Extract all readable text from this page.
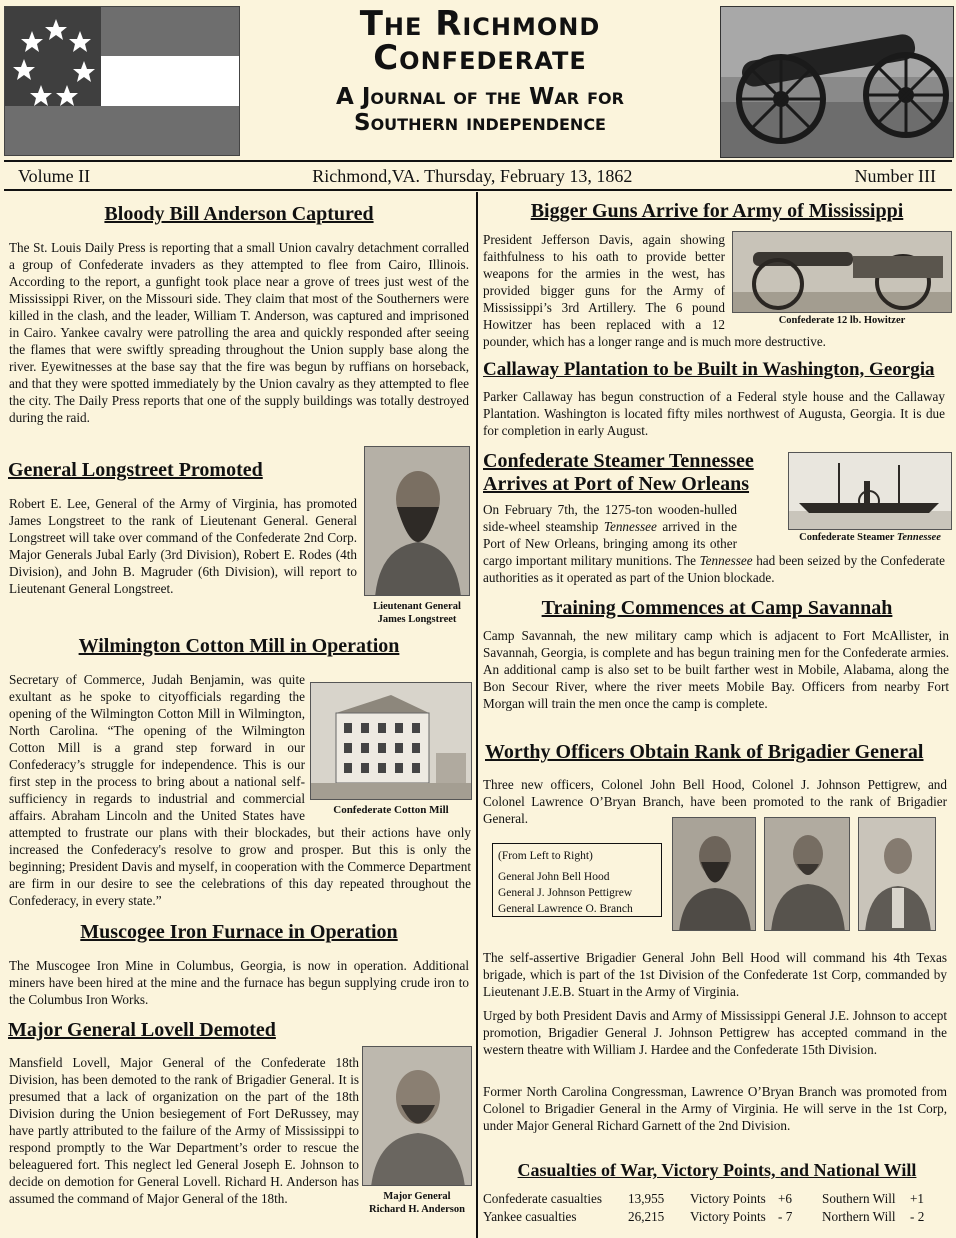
The Richmond
Confederate
A Journal of the War for
Southern independence
Volume II	Richmond,VA. Thursday, February 13, 1862	Number III
Bloody Bill Anderson Captured
The St. Louis Daily Press is reporting that a small Union cavalry detachment corralled a group of Confederate invaders as they attempted to flee from Cairo, Illinois. According to the report, a gunfight took place near a grove of trees just west of the Mississippi River, on the Missouri side. They claim that most of the Southerners were killed in the clash, and the leader, William T. Anderson, was captured and imprisoned in Cairo. Yankee cavalry were patrolling the area and quickly responded after seeing the flames that were swiftly spreading throughout the Union supply base along the river. Eyewitnesses at the base say that the fire was begun by ruffians on horseback, and that they were spotted immediately by the Union cavalry as they attempted to flee the city. The Daily Press reports that one of the supply buildings was totally destroyed during the raid.
General Longstreet Promoted
Robert E. Lee, General of the Army of Virginia, has promoted James Longstreet to the rank of Lieutenant General. General Longstreet will take over command of the Confederate 2nd Corp. Major Generals Jubal Early (3rd Division), Robert E. Rodes (4th Division), and John B. Magruder (6th Division), will report to Lieutenant General Longstreet.
Lieutenant General
James Longstreet
Wilmington Cotton Mill in Operation
Secretary of Commerce, Judah Benjamin, was quite exultant as he spoke to cityofficials regarding the opening of the Wilmington Cotton Mill in Wilmington, North Carolina. “The opening of the Wilmington Cotton Mill is a grand step forward in our Confederacy’s struggle for independence. This is our first step in the process to bring about a national self-sufficiency in regards to industrial and commercial affairs. Abraham Lincoln and the United States have attempted to frustrate our plans with their blockades, but their actions have only increased the Confederacy's resolve to grow and prosper. But this is only the beginning; President Davis and myself, in cooperation with the Commerce Department are firm in our desire to see the celebrations of this day repeated throughout the Confederacy, in every state.”
Confederate Cotton Mill
Muscogee Iron Furnace in Operation
The Muscogee Iron Mine in Columbus, Georgia, is now in operation. Additional miners have been hired at the mine and the furnace has begun supplying crude iron to the Columbus Iron Works.
Major General Lovell Demoted
Mansfield Lovell, Major General of the Confederate 18th Division, has been demoted to the rank of Brigadier General. It is presumed that a lack of organization on the part of the 18th Division during the Union besiegement of Fort DeRussey, may have partly attributed to the failure of the Army of Mississippi to respond promptly to the War Department’s order to rescue the beleaguered fort. This neglect led General Joseph E. Johnson to decide on demotion for General Lovell. Richard H. Anderson has assumed the command of Major General of the 18th.	Major General
Richard H. Anderson
Bigger Guns Arrive for Army of Mississippi
President Jefferson Davis, again showing faithfulness to his oath to provide better weapons for the armies in the west, has provided bigger guns for the Army of Mississippi’s 3rd Artillery. The 6 pound Howitzer has been replaced with a 12 pounder, which has a longer range and is much more destructive.
Confederate 12 lb. Howitzer
Callaway Plantation to be Built in Washington, Georgia
Parker Callaway has begun construction of a Federal style house and the Callaway Plantation. Washington is located fifty miles northwest of Augusta, Georgia. It is due for completion in early August.
Confederate Steamer Tennessee
Arrives at Port of New Orleans
Confederate Steamer Tennessee
On February 7th, the 1275-ton wooden-hulled side-wheel steamship Tennessee arrived in the Port of New Orleans, bringing among its other cargo important military munitions. The Tennessee had been seized by the Confederate authorities as it operated as part of the Union blockade.
Training Commences at Camp Savannah
Camp Savannah, the new military camp which is adjacent to Fort McAllister, in Savannah, Georgia, is complete and has begun training men for the Confederate armies. An additional camp is also set to be built farther west in Mobile, Alabama, along the Bon Secour River, where the river meets Mobile Bay. Officers from nearby Fort Morgan will train the men once the camp is complete.
Worthy Officers Obtain Rank of Brigadier General
Three new officers, Colonel John Bell Hood, Colonel J. Johnson Pettigrew, and Colonel Lawrence O’Bryan Branch, have been promoted to the rank of Brigadier General.
(From Left to Right)
General John Bell Hood
General J. Johnson Pettigrew
General Lawrence O. Branch
The self-assertive Brigadier General John Bell Hood will command his 4th Texas brigade, which is part of the 1st Division of the Confederate 1st Corp, commanded by Lieutenant J.E.B. Stuart in the Army of Virginia.
Urged by both President Davis and Army of Mississippi General J.E. Johnson to accept promotion, Brigadier General J. Johnson Pettigrew has accepted command in the western theatre with William J. Hardee and the Confederate 15th Division.
Former North Carolina Congressman, Lawrence O’Bryan Branch was promoted from Colonel to Brigadier General in the Army of Virginia. He will serve in the 1st Corp, under Major General Richard Garnett of the 2nd Division.
Casualties of War, Victory Points, and National Will
Confederate casualties 13,955 Victory Points +6 Southern Will +1
Yankee casualties	26,215 Victory Points - 7 Northern Will - 2
